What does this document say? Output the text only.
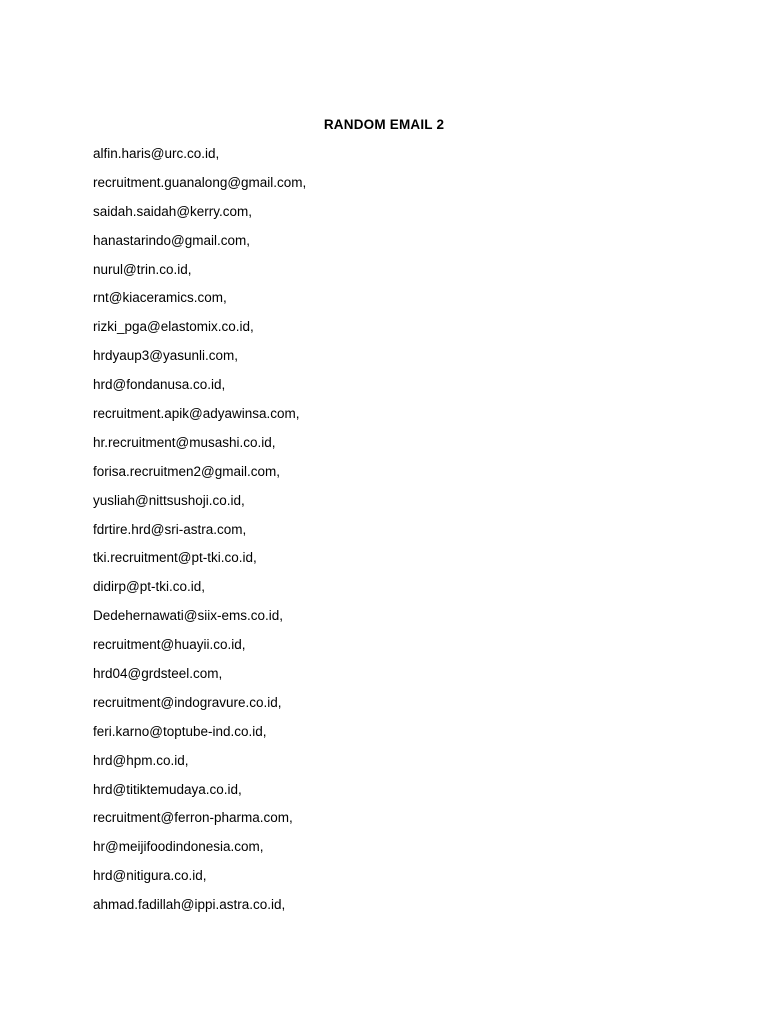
RANDOM EMAIL 2
alfin.haris@urc.co.id,
recruitment.guanalong@gmail.com,
saidah.saidah@kerry.com,
hanastarindo@gmail.com,
nurul@trin.co.id,
rnt@kiaceramics.com,
rizki_pga@elastomix.co.id,
hrdyaup3@yasunli.com,
hrd@fondanusa.co.id,
recruitment.apik@adyawinsa.com,
hr.recruitment@musashi.co.id,
forisa.recruitmen2@gmail.com,
yusliah@nittsushoji.co.id,
fdrtire.hrd@sri-astra.com,
tki.recruitment@pt-tki.co.id,
didirp@pt-tki.co.id,
Dedehernawati@siix-ems.co.id,
recruitment@huayii.co.id,
hrd04@grdsteel.com,
recruitment@indogravure.co.id,
feri.karno@toptube-ind.co.id,
hrd@hpm.co.id,
hrd@titiktemudaya.co.id,
recruitment@ferron-pharma.com,
hr@meijifoodindonesia.com,
hrd@nitigura.co.id,
ahmad.fadillah@ippi.astra.co.id,
